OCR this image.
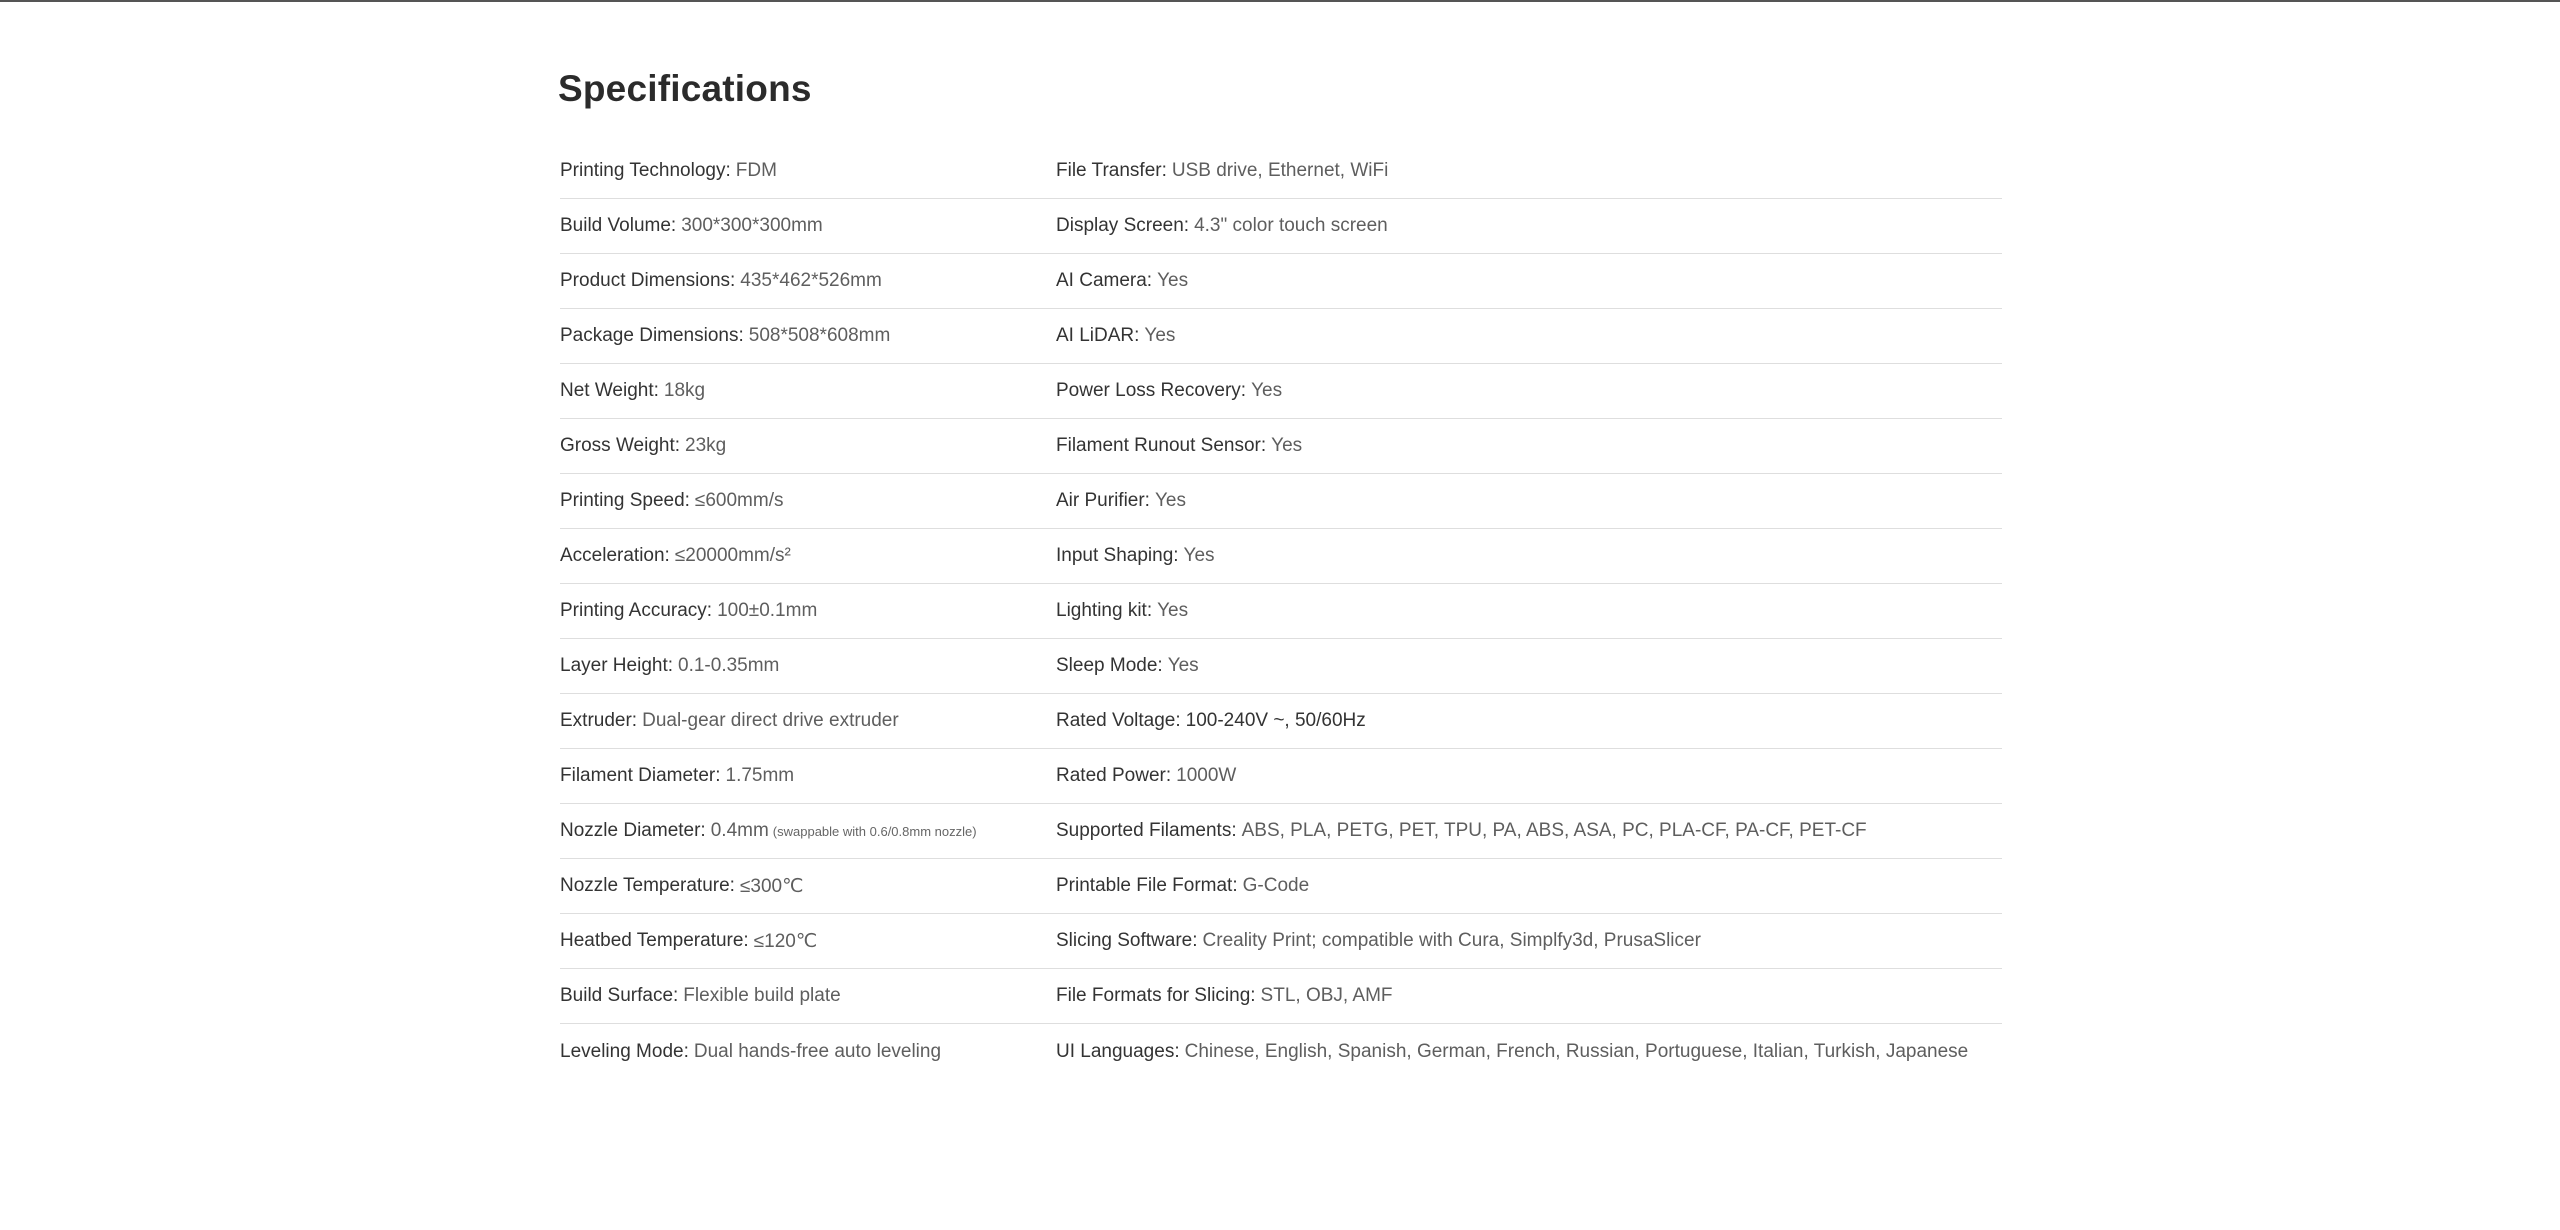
Specifications
Printing Technology: FDM
Build Volume: 300*300*300mm
Product Dimensions: 435*462*526mm
Package Dimensions: 508*508*608mm
Net Weight: 18kg
Gross Weight: 23kg
Printing Speed: ≤600mm/s
Acceleration: ≤20000mm/s²
Printing Accuracy: 100±0.1mm
Layer Height: 0.1-0.35mm
Extruder: Dual-gear direct drive extruder
Filament Diameter: 1.75mm
Nozzle Diameter: 0.4mm (swappable with 0.6/0.8mm nozzle)
Nozzle Temperature: ≤300℃
Heatbed Temperature: ≤120℃
Build Surface: Flexible build plate
Leveling Mode: Dual hands-free auto leveling
File Transfer: USB drive, Ethernet, WiFi
Display Screen: 4.3" color touch screen
AI Camera: Yes
AI LiDAR: Yes
Power Loss Recovery: Yes
Filament Runout Sensor: Yes
Air Purifier: Yes
Input Shaping: Yes
Lighting kit: Yes
Sleep Mode: Yes
Rated Voltage: 100-240V ~, 50/60Hz
Rated Power: 1000W
Supported Filaments: ABS, PLA, PETG, PET, TPU, PA, ABS, ASA, PC, PLA-CF, PA-CF, PET-CF
Printable File Format: G-Code
Slicing Software: Creality Print; compatible with Cura, Simplfy3d, PrusaSlicer
File Formats for Slicing: STL, OBJ, AMF
UI Languages: Chinese, English, Spanish, German, French, Russian, Portuguese, Italian, Turkish, Japanese
